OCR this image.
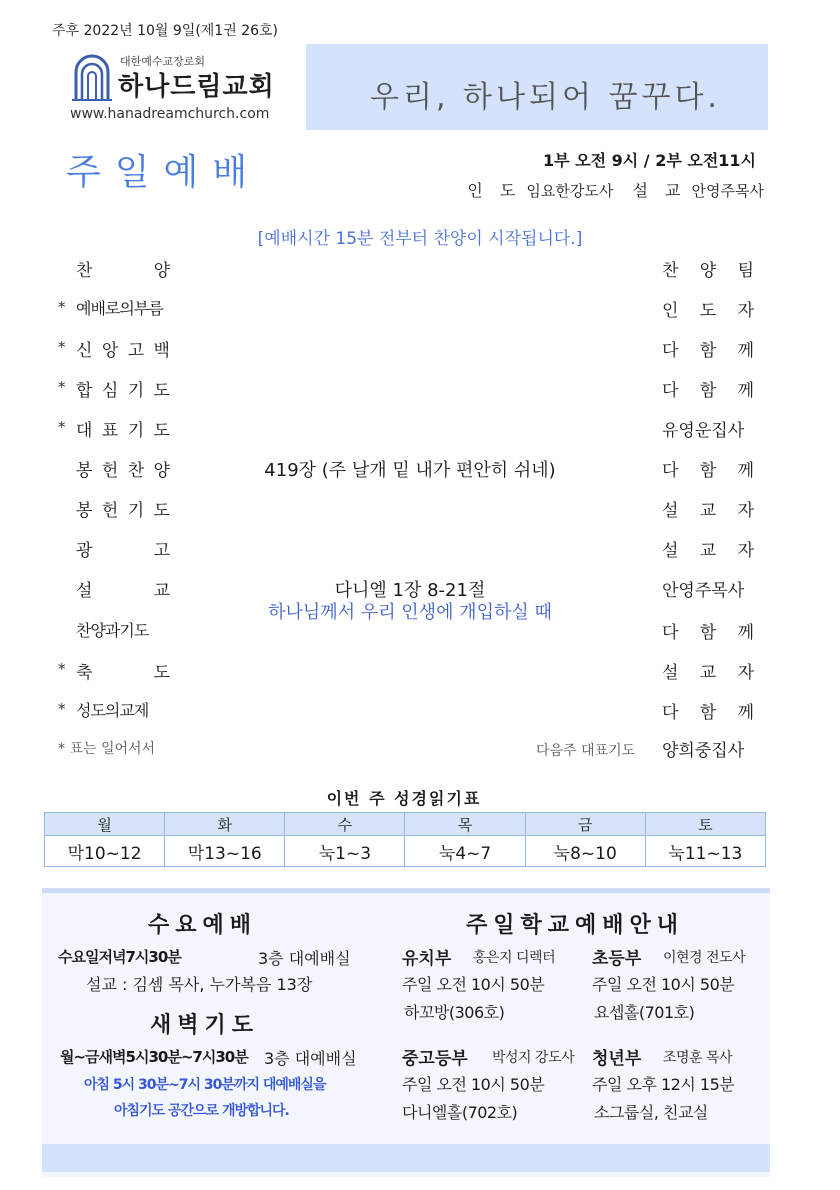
주후 2022년 10월 9일(제1권 26호)
대한예수교장로회
하나드림교회
www.hanadreamchurch.com	우리, 하나되어 꿈꾸다.
주일예배	1부 오전 9시 / 2부 오전11시
인 도 임요한강도사 설 교 안영주목사
[예배시간 15분 전부터 찬양이 시작됩니다.]
찬	양	찬 양 팀
* 예배로의부름	인 도 자
* 신 앙 고 백	다 함 께
* 합 심 기 도	다 함 께
* 대 표 기 도	유영운집사
봉 헌 찬 양	419장 (주 날개 밑 내가 편안히 쉬네)	다 함 께
봉 헌 기 도	설 교 자
광	고	설 교 자
설	교	다니엘 1장 8-21절	안영주목사
찬양과기도	다 함 께
* 축	도	설 교 자
* 성도의교제	다 함 께
하나님께서 우리 인생에 개입하실 때
* 표는 일어서서	다음주 대표기도 양희중집사
이번 주 성경읽기표
월	화	수	목	금	토
막10~12	막13~16	눅1~3	눅4~7	눅8~10	눅11~13
수요예배
수요일저녁7시30분	3층 대예배실
설교 : 김셈 목사, 누가복음 13장
새벽기도
월~금새벽5시30분~7시30분 3층 대예배실
아침 5시 30분~7시 30분까지 대예배실을
아침기도 공간으로 개방합니다.
주일학교예배안내
유치부 홍은지 디렉터
주일 오전 10시 50분
하꼬방(306호)
초등부 이현경 전도사
주일 오전 10시 50분
요셉홀(701호)
중고등부 박성지 강도사
주일 오전 10시 50분
다니엘홀(702호)
청년부 조명훈 목사
주일 오후 12시 15분
소그룹실, 친교실
